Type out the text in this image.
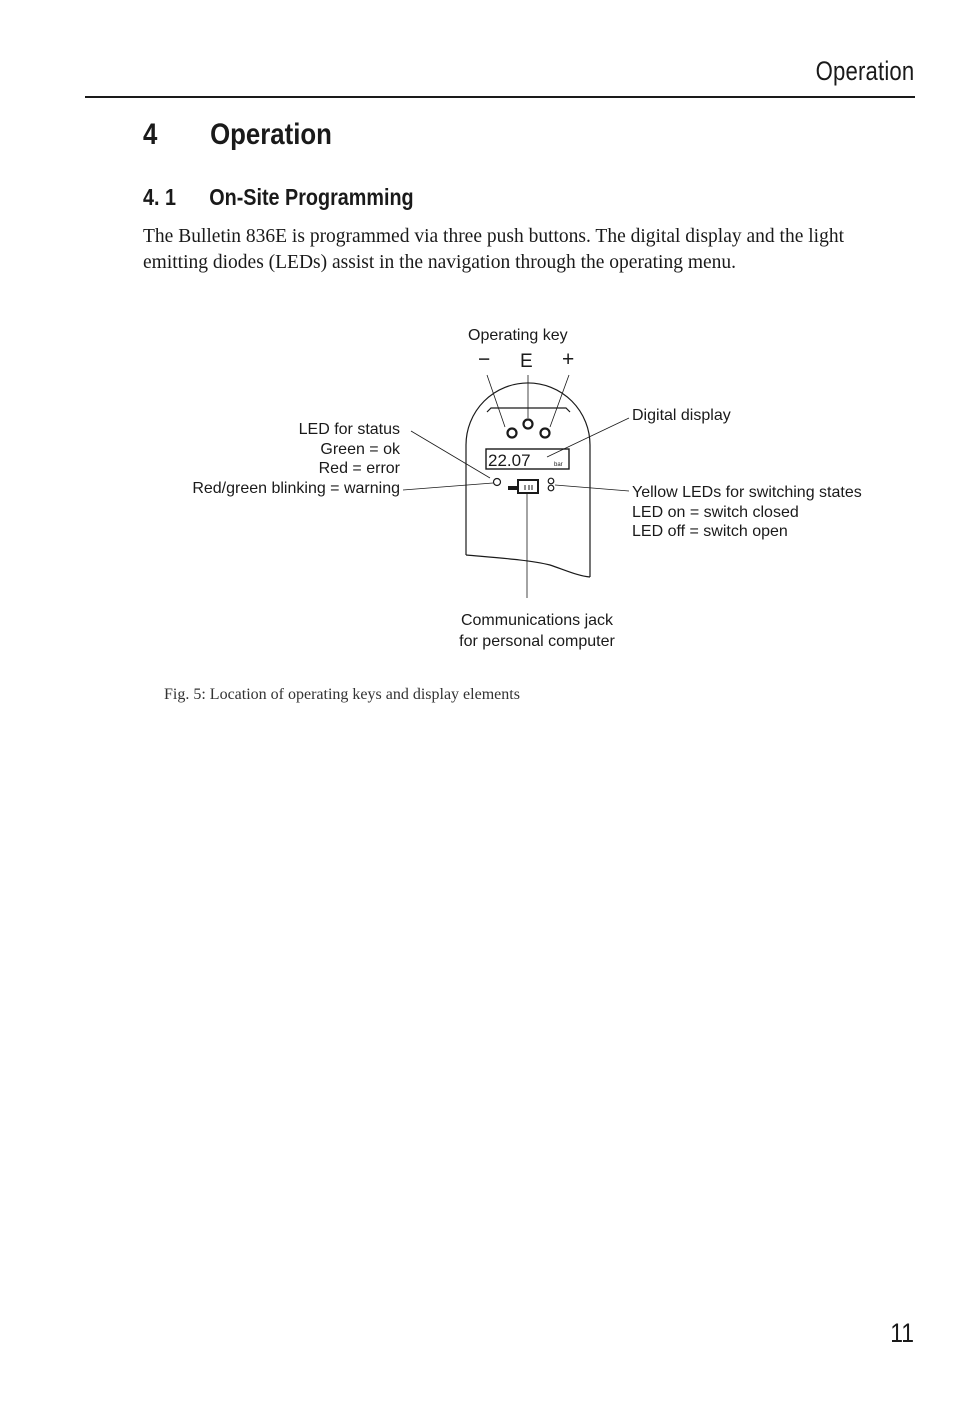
Operation
4 Operation
4. 1 On-Site Programming

The Bulletin 836E is programmed via three push buttons. The digital display and the light emitting diodes (LEDs) assist in the navigation through the operating menu.

22.07	bar
Operating key
− E +
Digital display
LED for status
Green = ok
Red = error
Red/green blinking = warning	Yellow LEDs for switching states
LED on = switch closed
LED off = switch open
Communications jack
for personal computer
Fig. 5: Location of operating keys and display elements
11
